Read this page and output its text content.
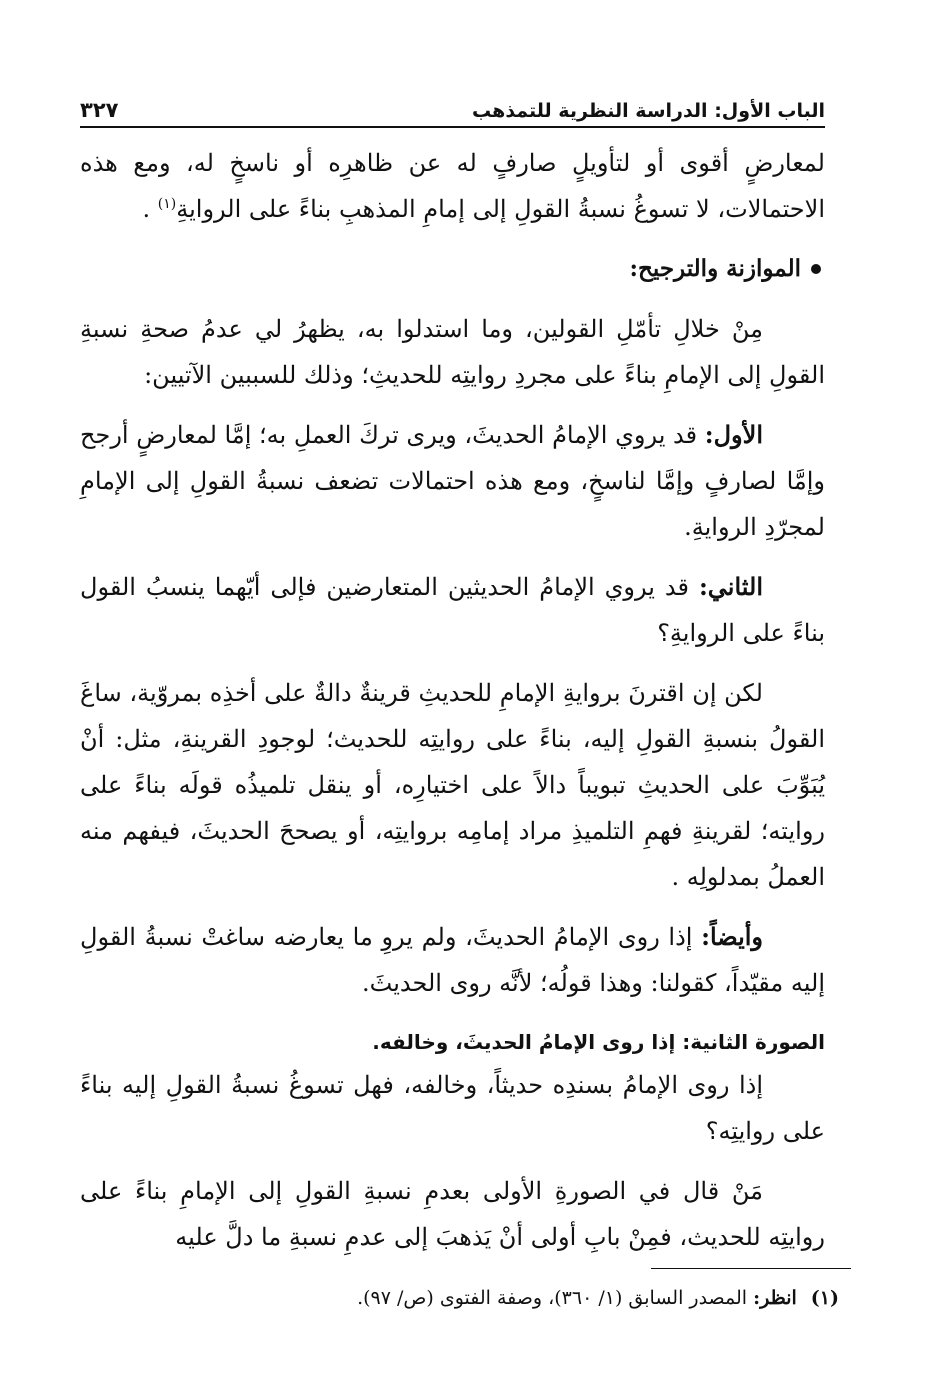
الباب الأول: الدراسة النظرية للتمذهب
٣٢٧

لمعارضٍ أقوى أو لتأويلٍ صارفٍ له عن ظاهرِه أو ناسخٍ له، ومع هذه الاحتمالات، لا تسوغُ نسبةُ القولِ إلى إمامِ المذهبِ بناءً على الروايةِ$^{(١)}$ .

الموازنة والترجيح:

مِنْ خلالِ تأمّلِ القولين، وما استدلوا به، يظهرُ لي عدمُ صحةِ نسبةِ القولِ إلى الإمامِ بناءً على مجردِ روايتِه للحديثِ؛ وذلك للسببين الآتيين:

الأول: قد يروي الإمامُ الحديثَ، ويرى تركَ العملِ به؛ إمَّا لمعارضٍ أرجح وإمَّا لصارفٍ وإمَّا لناسخٍ، ومع هذه احتمالات تضعف نسبةُ القولِ إلى الإمامِ لمجرّدِ الروايةِ.

الثاني: قد يروي الإمامُ الحديثين المتعارضين فإلى أيّهما ينسبُ القول بناءً على الروايةِ؟

لكن إن اقترنَ بروايةِ الإمامِ للحديثِ قرينةٌ دالةٌ على أخذِه بمروّية، ساغَ القولُ بنسبةِ القولِ إليه، بناءً على روايتِه للحديث؛ لوجودِ القرينةِ، مثل: أنْ يُبَوِّبَ على الحديثِ تبويباً دالاً على اختيارِه، أو ينقل تلميذُه قولَه بناءً على روايته؛ لقرينةِ فهمِ التلميذِ مراد إمامِه بروايتِه، أو يصححَ الحديثَ، فيفهم منه العملُ بمدلولِه .

وأيضاً: إذا روى الإمامُ الحديثَ، ولم يروِ ما يعارضه ساغتْ نسبةُ القولِ إليه مقيّداً، كقولنا: وهذا قولُه؛ لأنَّه روى الحديثَ.

الصورة الثانية: إذا روى الإمامُ الحديثَ، وخالفه.

إذا روى الإمامُ بسندِه حديثاً، وخالفه، فهل تسوغُ نسبةُ القولِ إليه بناءً على روايتِه؟

مَنْ قال في الصورةِ الأولى بعدمِ نسبةِ القولِ إلى الإمامِ بناءً على روايتِه للحديث، فمِنْ بابِ أولى أنْ يَذهبَ إلى عدمِ نسبةِ ما دلَّ عليه

(١)انظر: المصدر السابق (١/ ٣٦٠)، وصفة الفتوى (ص/ ٩٧).
